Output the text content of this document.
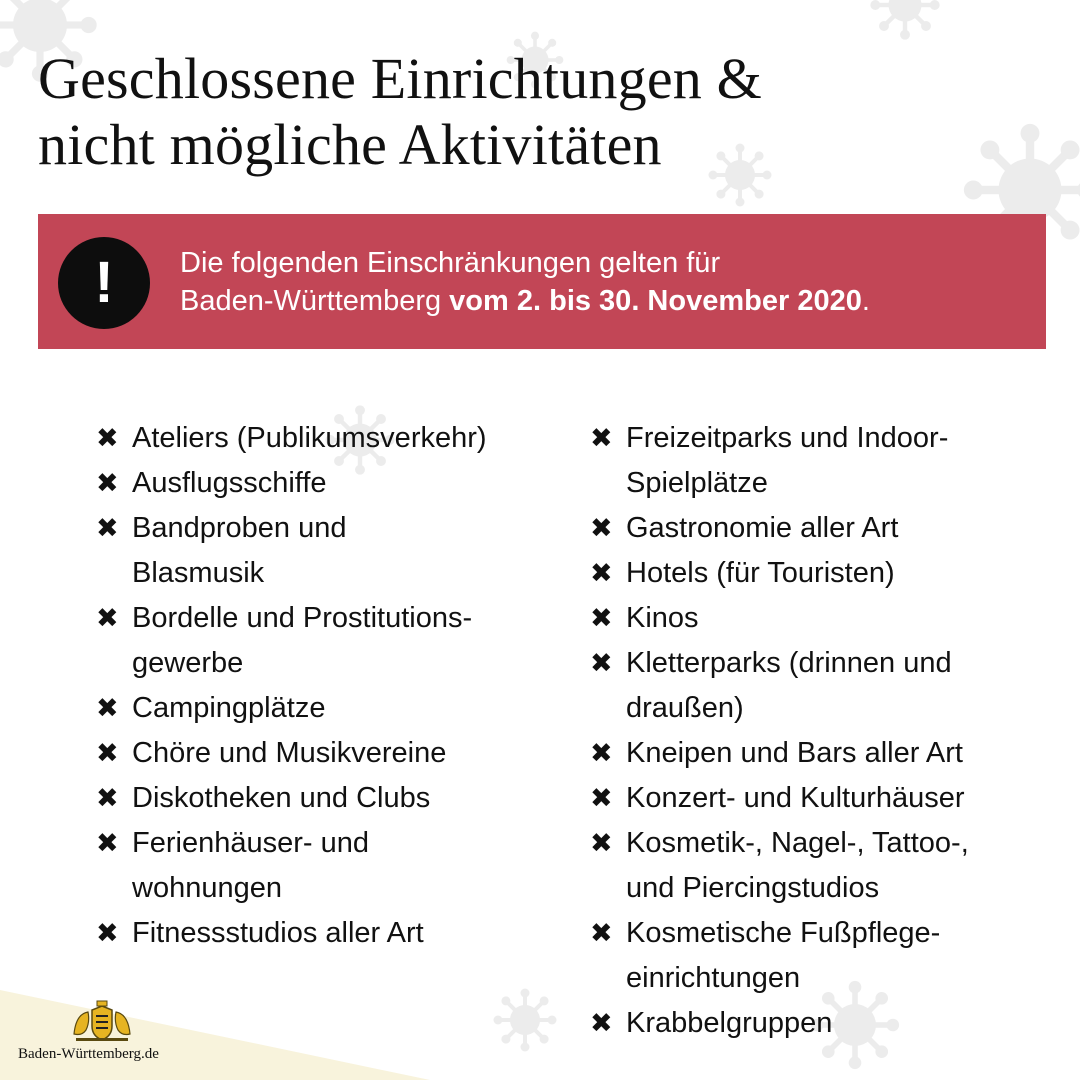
Geschlossene Einrichtungen &
nicht mögliche Aktivitäten
!	Die folgenden Einschränkungen gelten für
Baden-Württemberg vom 2. bis 30. November 2020.
✖ Ateliers (Publikumsverkehr)
✖ Ausflugsschiffe
✖ Bandproben und
Blasmusik
✖ Bordelle und Prostitutions-
gewerbe
✖ Campingplätze
✖ Chöre und Musikvereine
✖ Diskotheken und Clubs
✖ Ferienhäuser- und
wohnungen
✖ Fitnessstudios aller Art
✖ Freizeitparks und Indoor-
Spielplätze
✖ Gastronomie aller Art
✖ Hotels (für Touristen)
✖ Kinos
✖ Kletterparks (drinnen und
draußen)
✖ Kneipen und Bars aller Art
✖ Konzert- und Kulturhäuser
✖ Kosmetik-, Nagel-, Tattoo-,
und Piercingstudios
✖ Kosmetische Fußpflege-
einrichtungen
✖ Krabbelgruppen
Baden-Württemberg.de
